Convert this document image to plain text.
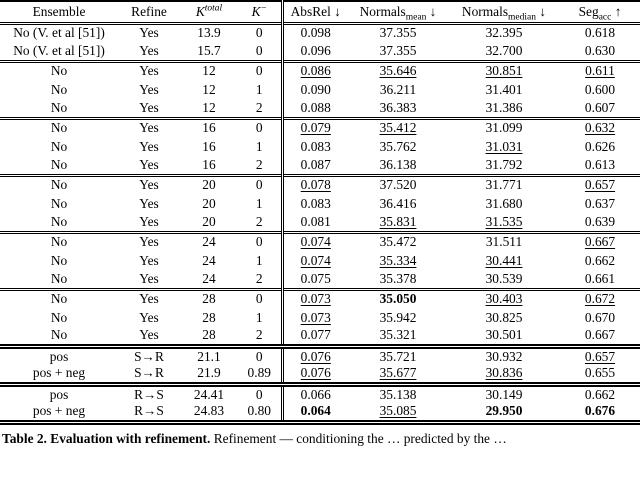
Ensemble	Refine	$K^{total}$	K−	AbsRel ↓	Normals$_{mean}$ ↓	Normals$_{median}$ ↓	Seg$_{acc}$ ↑
No (V. et al [51])	Yes	13.9	0	0.098	37.355	32.395	0.618
No (V. et al [51])	Yes	15.7	0	0.096	37.355	32.700	0.630
No	Yes	12	0	0.086	35.646	30.851	0.611
No	Yes	12	1	0.090	36.211	31.401	0.600
No	Yes	12	2	0.088	36.383	31.386	0.607
No	Yes	16	0	0.079	35.412	31.099	0.632
No	Yes	16	1	0.083	35.762	31.031	0.626
No	Yes	16	2	0.087	36.138	31.792	0.613
No	Yes	20	0	0.078	37.520	31.771	0.657
No	Yes	20	1	0.083	36.416	31.680	0.637
No	Yes	20	2	0.081	35.831	31.535	0.639
No	Yes	24	0	0.074	35.472	31.511	0.667
No	Yes	24	1	0.074	35.334	30.441	0.662
No	Yes	24	2	0.075	35.378	30.539	0.661
No	Yes	28	0	0.073	35.050	30.403	0.672
No	Yes	28	1	0.073	35.942	30.825	0.670
No	Yes	28	2	0.077	35.321	30.501	0.667
pos	S→R	21.1	0	0.076	35.721	30.932	0.657
pos + neg	S→R	21.9	0.89	0.076	35.677	30.836	0.655
pos	R→S	24.41	0	0.066	35.138	30.149	0.662
pos + neg	R→S	24.83	0.80	0.064	35.085	29.950	0.676
Table 2. Evaluation with refinement. Refinement — conditioning the … predicted by the …
